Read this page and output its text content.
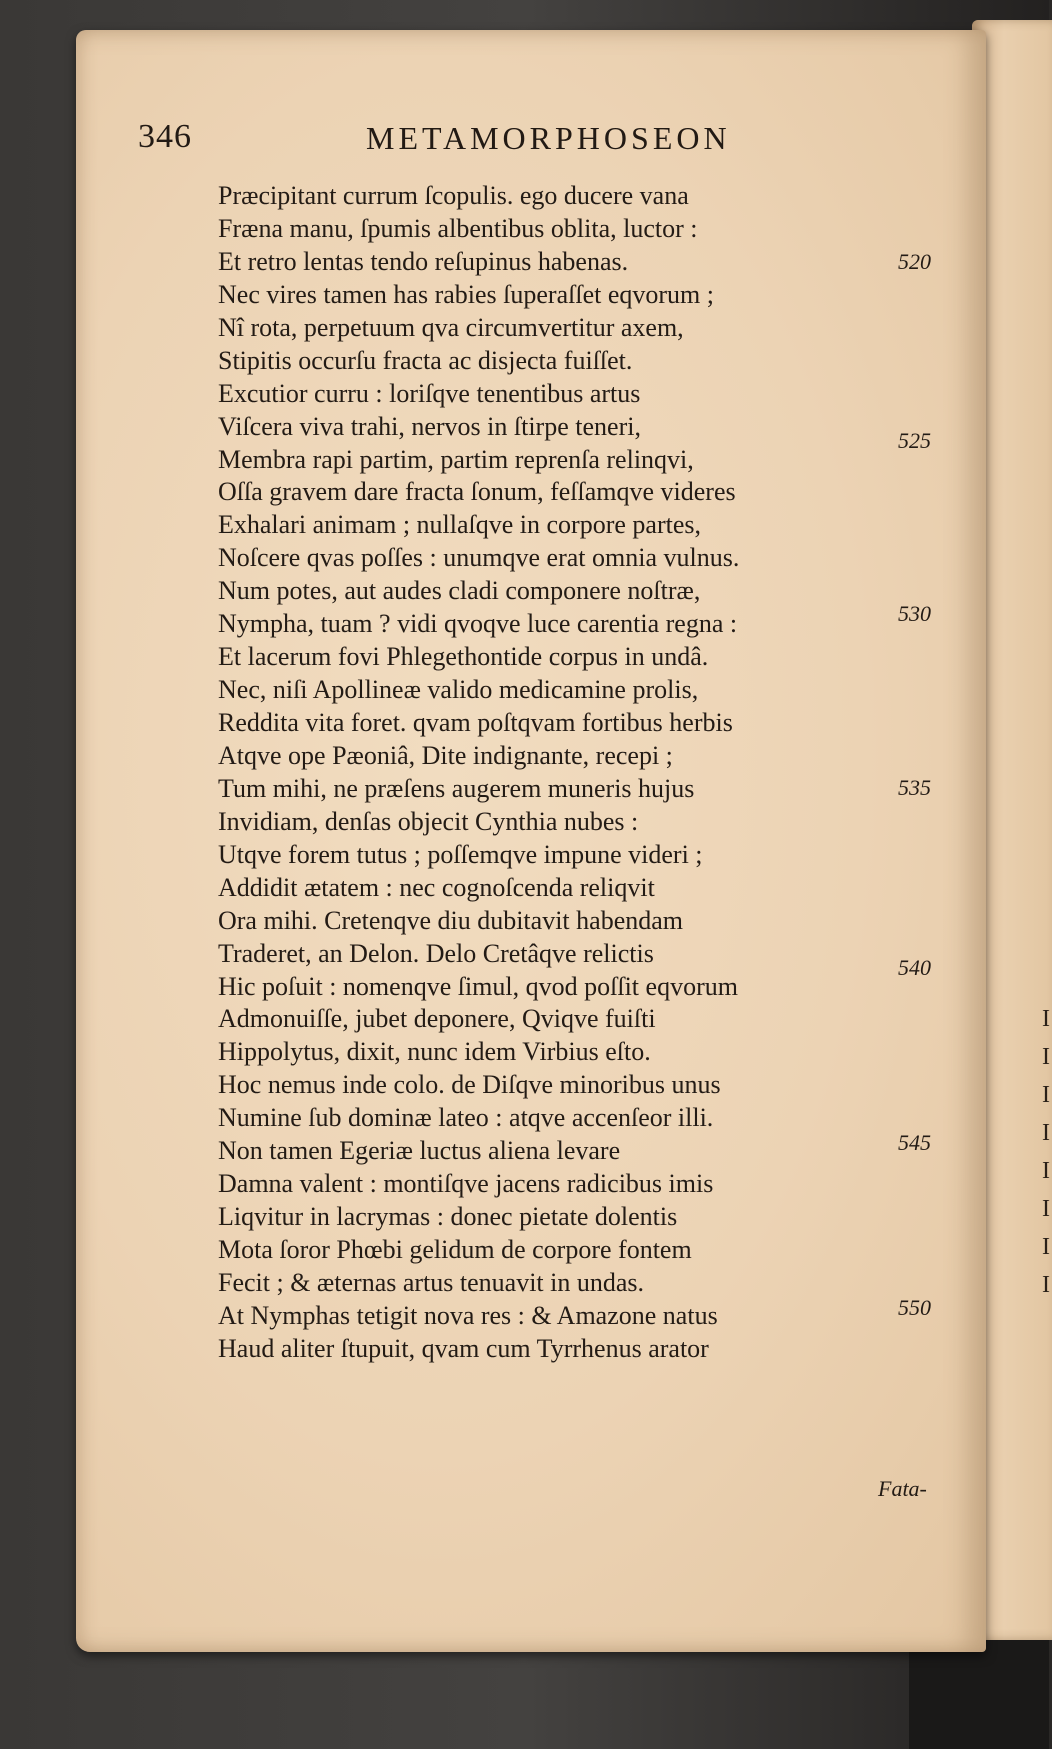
I
I
I
I
I
I
I
I
346	METAMORPHOSEON
Præcipitant currum ſcopulis. ego ducere vana
Fræna manu, ſpumis albentibus oblita, luctor :
Et retro lentas tendo reſupinus habenas.
Nec vires tamen has rabies ſuperaſſet eqvorum ;
Nî rota, perpetuum qva circumvertitur axem,
Stipitis occurſu fracta ac disjecta fuiſſet.
Excutior curru : loriſqve tenentibus artus
Viſcera viva trahi, nervos in ſtirpe teneri,
Membra rapi partim, partim reprenſa relinqvi,
Oſſa gravem dare fracta ſonum, feſſamqve videres
Exhalari animam ; nullaſqve in corpore partes,
Noſcere qvas poſſes : unumqve erat omnia vulnus.
Num potes, aut audes cladi componere noſtræ,
Nympha, tuam ? vidi qvoqve luce carentia regna :
Et lacerum fovi Phlegethontide corpus in undâ.
Nec, niſi Apollineæ valido medicamine prolis,
Reddita vita foret. qvam poſtqvam fortibus herbis
Atqve ope Pæoniâ, Dite indignante, recepi ;
Tum mihi, ne præſens augerem muneris hujus
Invidiam, denſas objecit Cynthia nubes :
Utqve forem tutus ; poſſemqve impune videri ;
Addidit ætatem : nec cognoſcenda reliqvit
Ora mihi. Cretenqve diu dubitavit habendam
Traderet, an Delon. Delo Cretâqve relictis
Hic poſuit : nomenqve ſimul, qvod poſſit eqvorum
Admonuiſſe, jubet deponere, Qviqve fuiſti
Hippolytus, dixit, nunc idem Virbius eſto.
Hoc nemus inde colo. de Diſqve minoribus unus
Numine ſub dominæ lateo : atqve accenſeor illi.
Non tamen Egeriæ luctus aliena levare
Damna valent : montiſqve jacens radicibus imis
Liqvitur in lacrymas : donec pietate dolentis
Mota ſoror Phœbi gelidum de corpore fontem
Fecit ; & æternas artus tenuavit in undas.
At Nymphas tetigit nova res : & Amazone natus
Haud aliter ſtupuit, qvam cum Tyrrhenus arator
520
525
530
535
540
545
550
Fata-
